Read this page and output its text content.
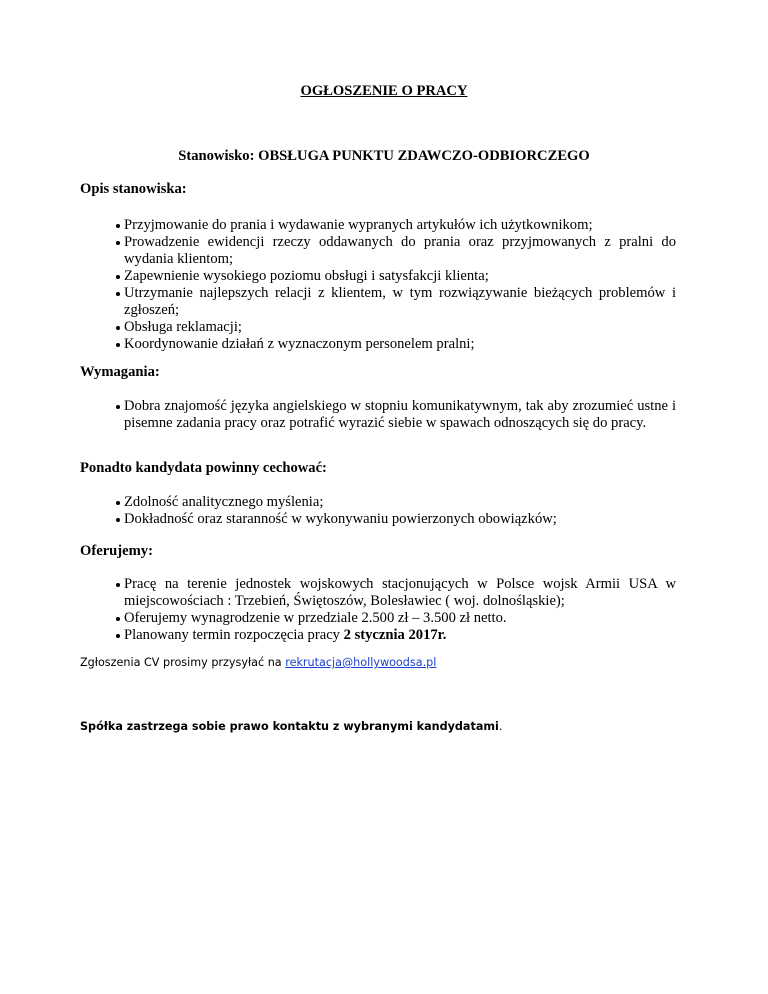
OGŁOSZENIE O PRACY
Stanowisko: OBSŁUGA PUNKTU ZDAWCZO-ODBIORCZEGO
Opis stanowiska:
Przyjmowanie do prania i wydawanie wypranych artykułów ich użytkownikom;
Prowadzenie ewidencji rzeczy oddawanych do prania oraz przyjmowanych z pralni do wydania klientom;
Zapewnienie wysokiego poziomu obsługi i satysfakcji klienta;
Utrzymanie najlepszych relacji z klientem, w tym rozwiązywanie bieżących problemów i zgłoszeń;
Obsługa reklamacji;
Koordynowanie działań z wyznaczonym personelem pralni;
Wymagania:
Dobra znajomość języka angielskiego w stopniu komunikatywnym, tak aby zrozumieć ustne i pisemne zadania pracy oraz potrafić wyrazić siebie w spawach odnoszących się do pracy.
Ponadto kandydata powinny cechować:
Zdolność analitycznego myślenia;
Dokładność oraz staranność w wykonywaniu powierzonych obowiązków;
Oferujemy:
Pracę na terenie jednostek wojskowych stacjonujących w Polsce wojsk Armii USA w miejscowościach : Trzebień, Świętoszów, Bolesławiec ( woj. dolnośląskie);
Oferujemy wynagrodzenie w przedziale 2.500 zł – 3.500 zł netto.
Planowany termin rozpoczęcia pracy 2 stycznia 2017r.
Zgłoszenia CV prosimy przysyłać na rekrutacja@hollywoodsa.pl
Spółka zastrzega sobie prawo kontaktu z wybranymi kandydatami.
